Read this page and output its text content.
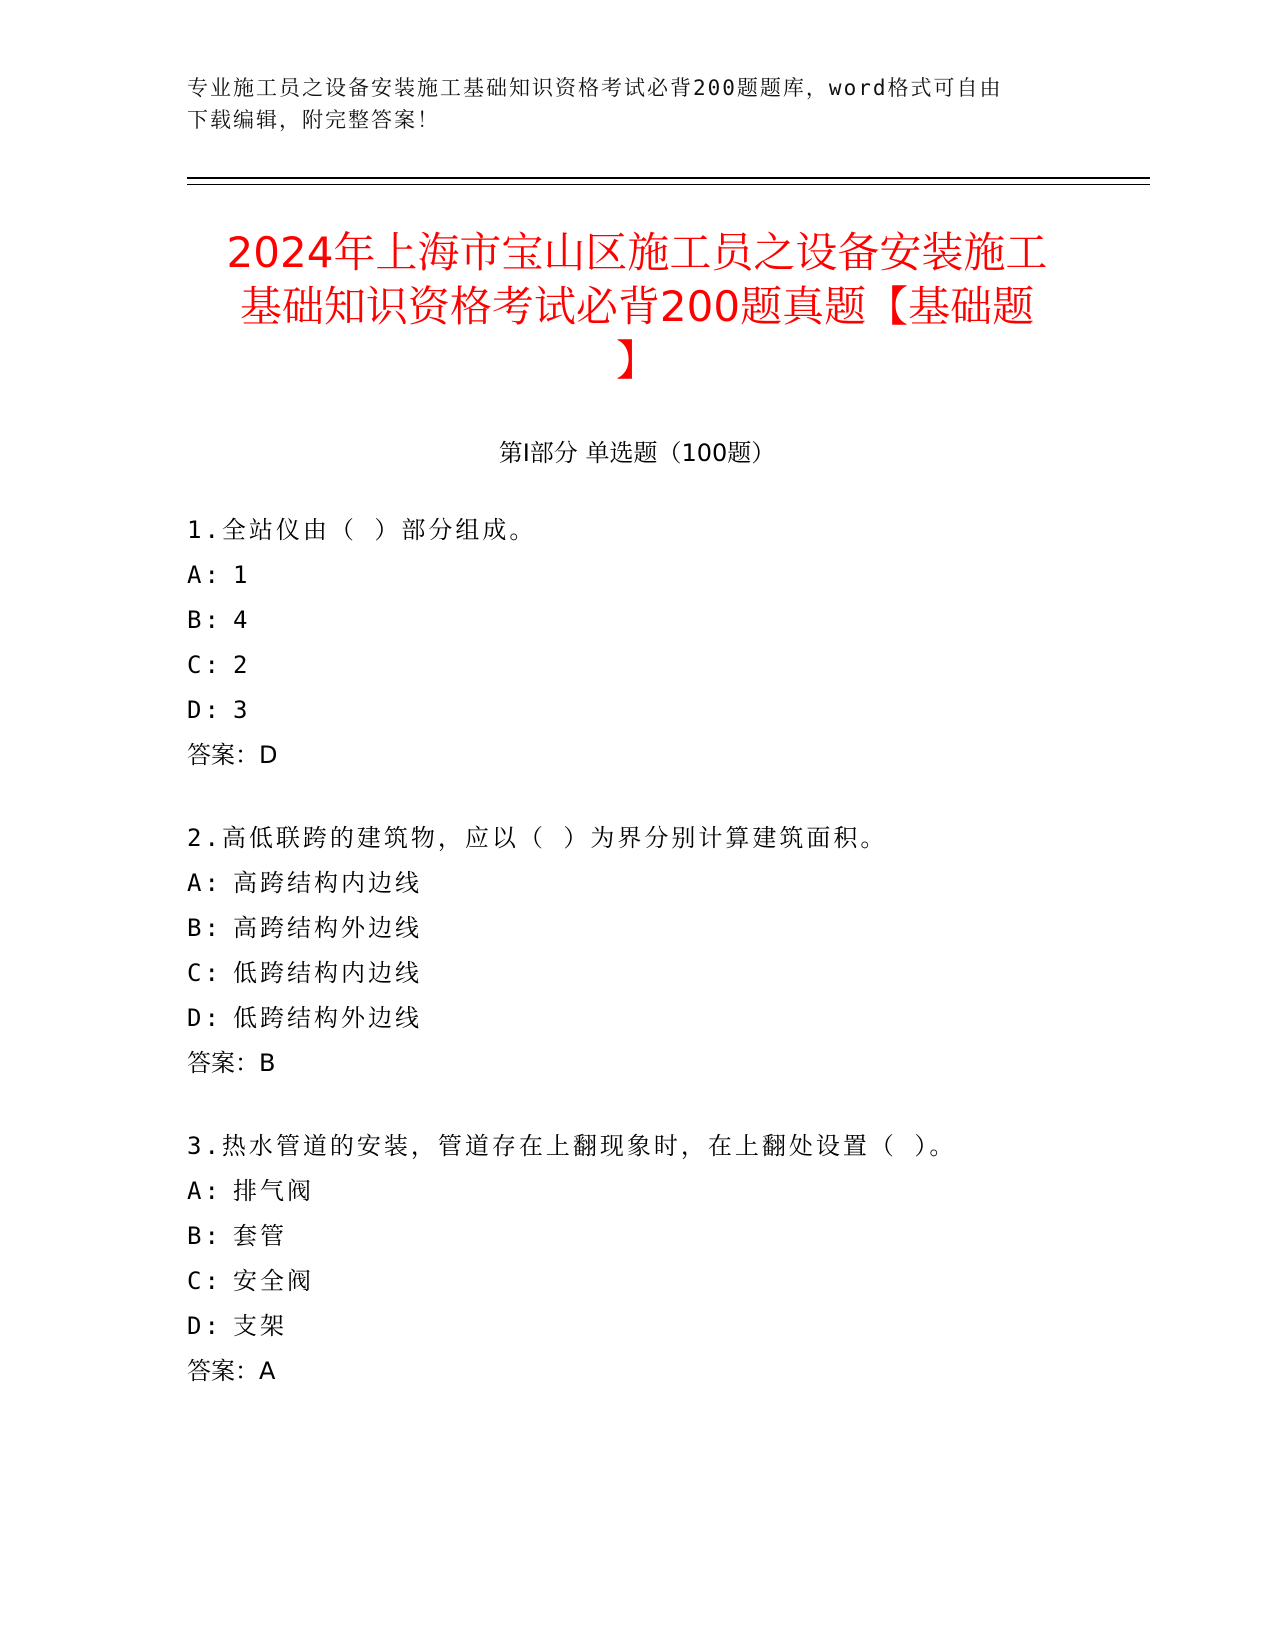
专业施工员之设备安装施工基础知识资格考试必背200题题库，word格式可自由
下载编辑，附完整答案！
2024年上海市宝山区施工员之设备安装施工
基础知识资格考试必背200题真题【基础题
】
第I部分 单选题（100题）
1.全站仪由（ ）部分组成。
A: 1
B: 4
C: 2
D: 3
答案：D
2.高低联跨的建筑物，应以（ ）为界分别计算建筑面积。
A: 高跨结构内边线
B: 高跨结构外边线
C: 低跨结构内边线
D: 低跨结构外边线
答案：B
3.热水管道的安装，管道存在上翻现象时，在上翻处设置（ ）。
A: 排气阀
B: 套管
C: 安全阀
D: 支架
答案：A
